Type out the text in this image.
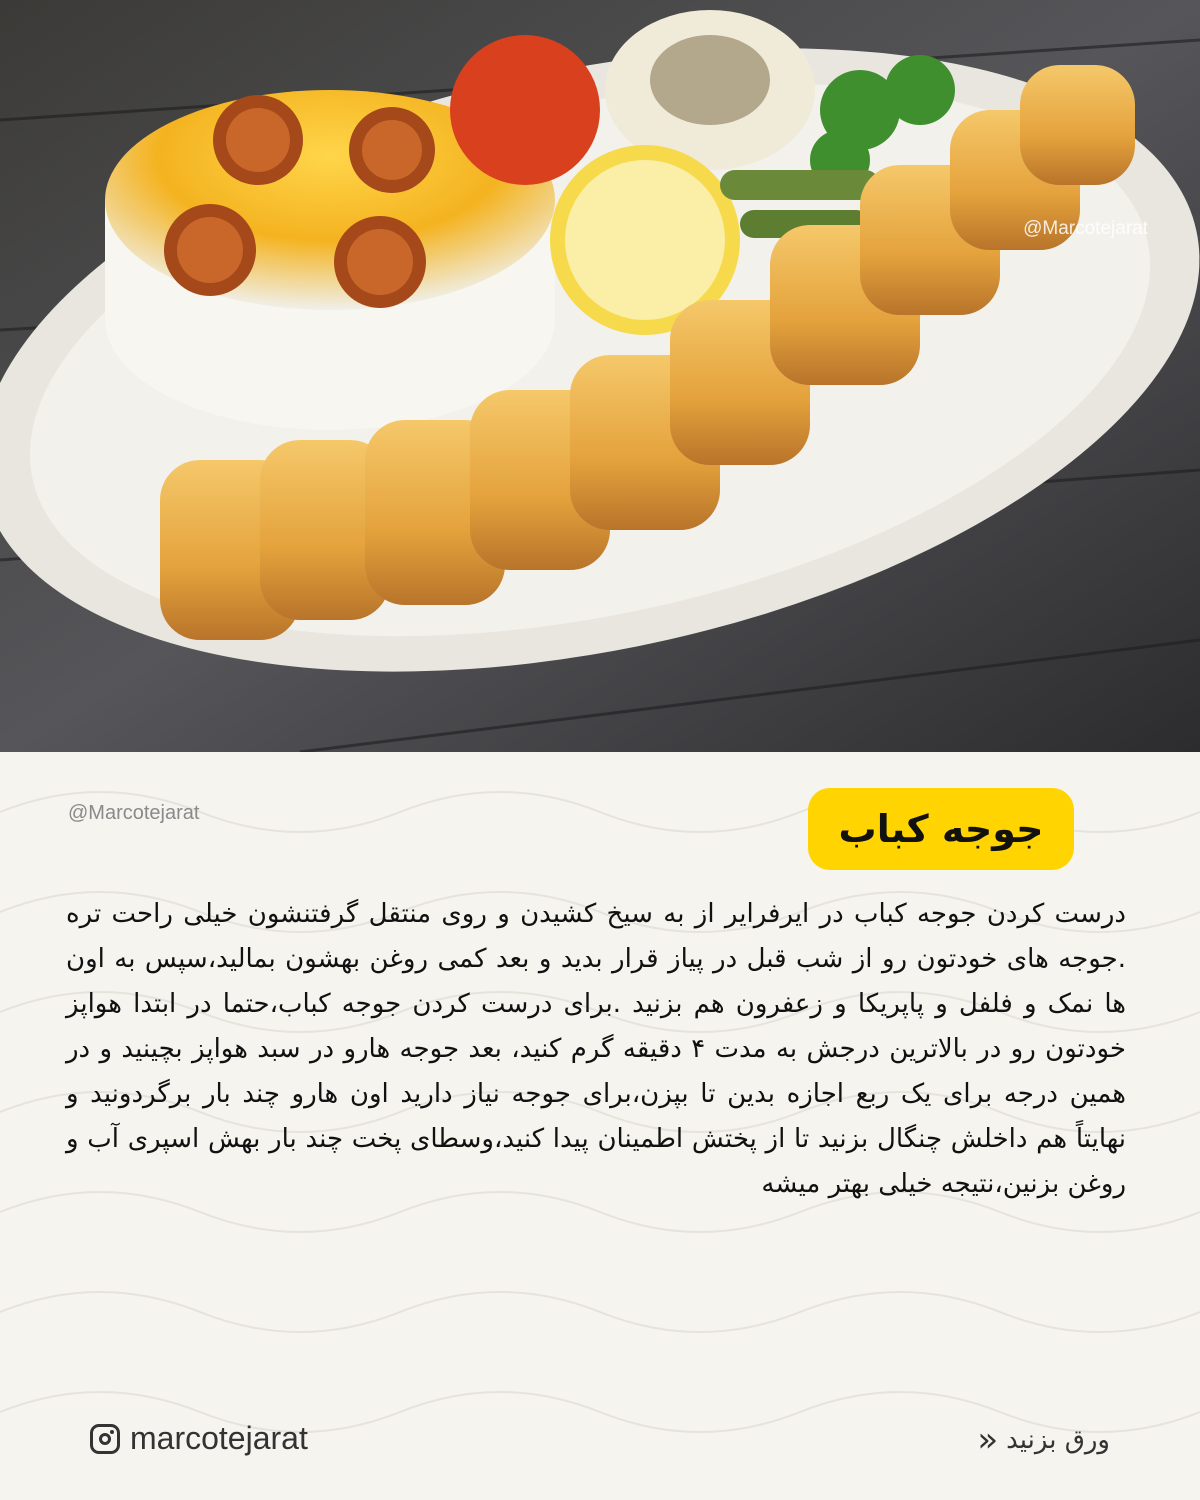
@Marcotejarat
@Marcotejarat	جوجه کباب
درست کردن جوجه کباب در ایرفرایر از به سیخ کشیدن و روی منتقل گرفتنشون خیلی راحت تره .جوجه های خودتون رو از شب قبل در پیاز قرار بدید و بعد کمی روغن بهشون بمالید،سپس به اون ها نمک و فلفل و پاپریکا و زعفرون هم بزنید .برای درست کردن جوجه کباب،حتما در ابتدا هواپز خودتون رو در بالاترین درجش به مدت ۴ دقیقه گرم کنید، بعد جوجه هارو در سبد هواپز بچینید و در همین درجه برای یک ربع اجازه بدین تا بپزن،برای جوجه نیاز دارید اون هارو چند بار برگردونید و نهایتاً هم داخلش چنگال بزنید تا از پختش اطمینان پیدا کنید،وسطای پخت چند بار بهش اسپری آب و روغن بزنین،نتیجه خیلی بهتر میشه
marcotejarat	ورق بزنید
«
